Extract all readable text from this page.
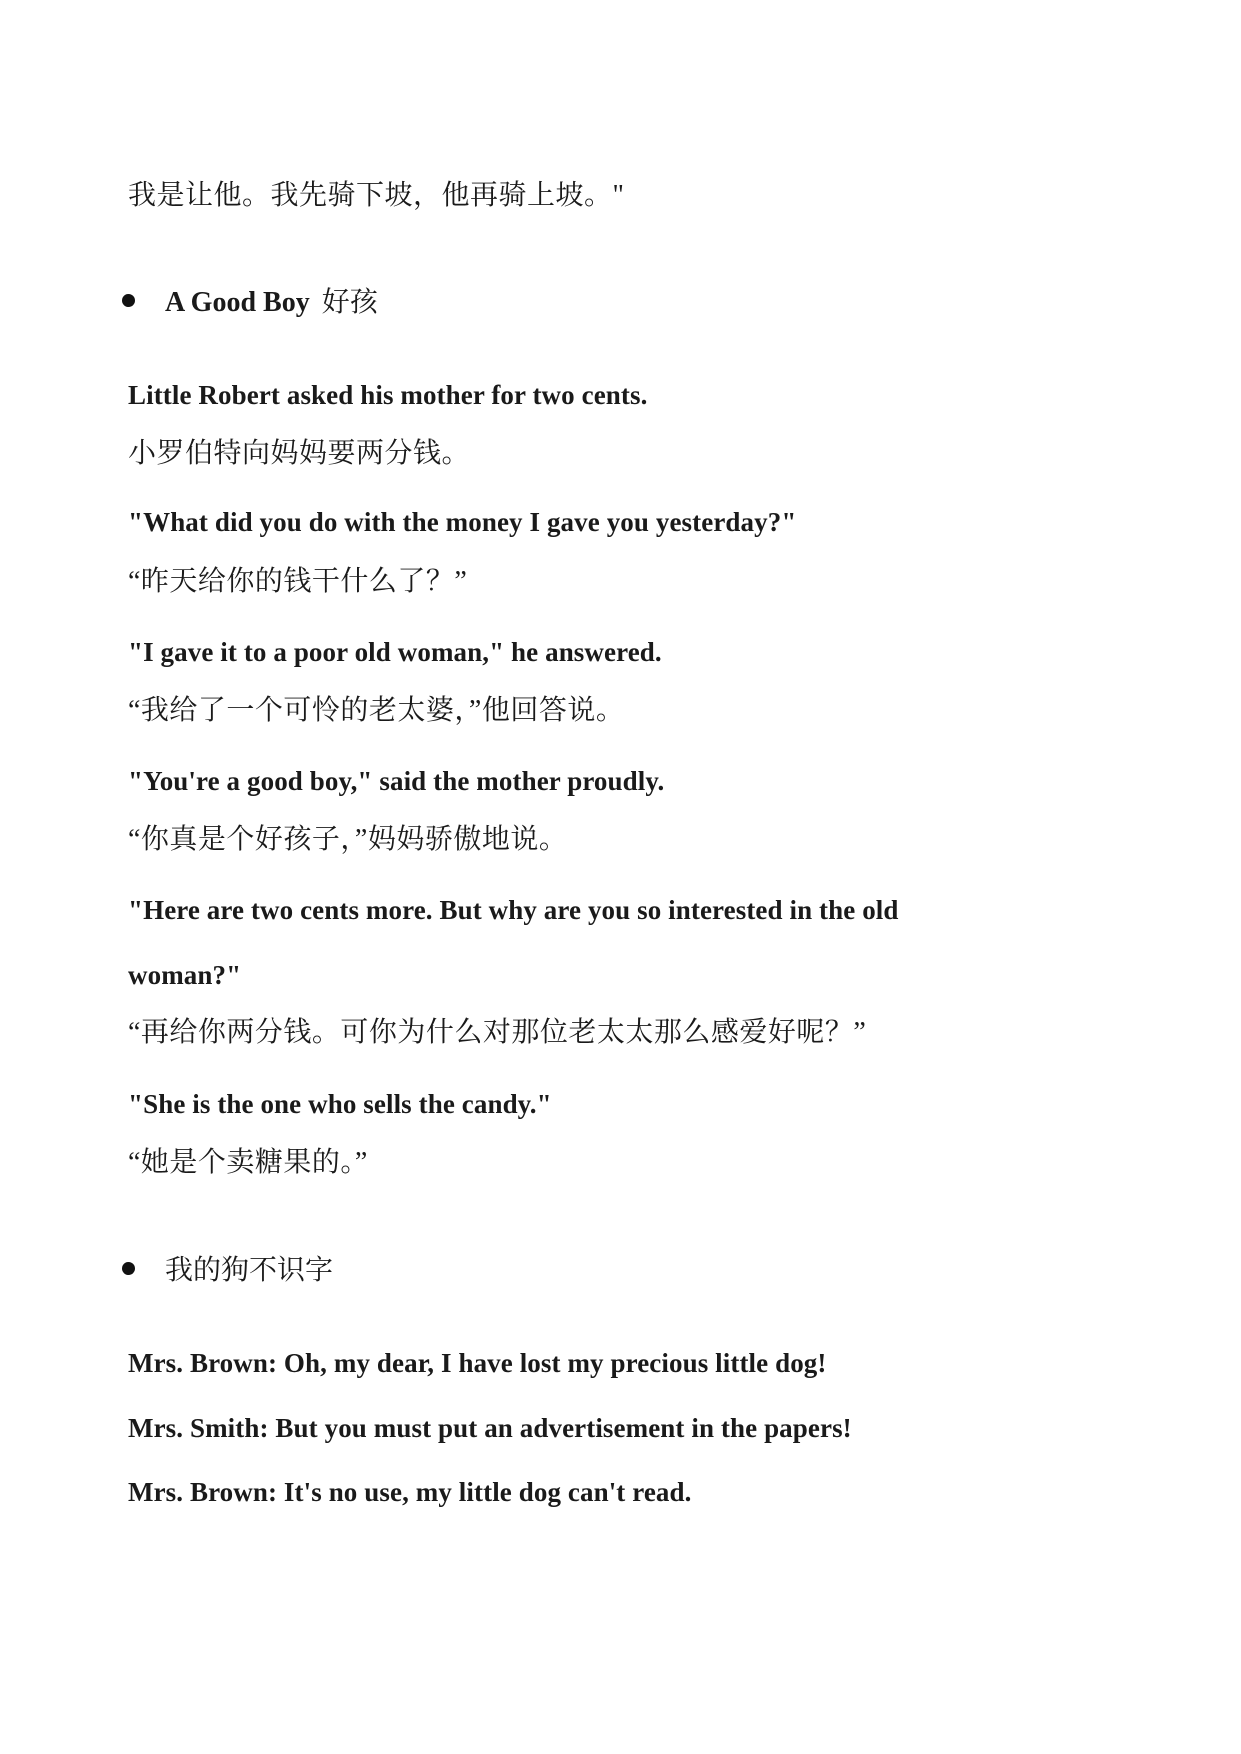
我是让他。我先骑下坡，他再骑上坡。"
A Good Boy 好孩
Little Robert asked his mother for two cents.
小罗伯特向妈妈要两分钱。
"What did you do with the money I gave you yesterday?"
“昨天给你的钱干什么了？”
"I gave it to a poor old woman," he answered.
“我给了一个可怜的老太婆，”他回答说。
"You're a good boy," said the mother proudly.
“你真是个好孩子，”妈妈骄傲地说。
"Here are two cents more. But why are you so interested in the old
woman?"
“再给你两分钱。可你为什么对那位老太太那么感爱好呢？”
"She is the one who sells the candy."
“她是个卖糖果的。”
我的狗不识字
Mrs. Brown: Oh, my dear, I have lost my precious little dog!
Mrs. Smith: But you must put an advertisement in the papers!
Mrs. Brown: It's no use, my little dog can't read.
